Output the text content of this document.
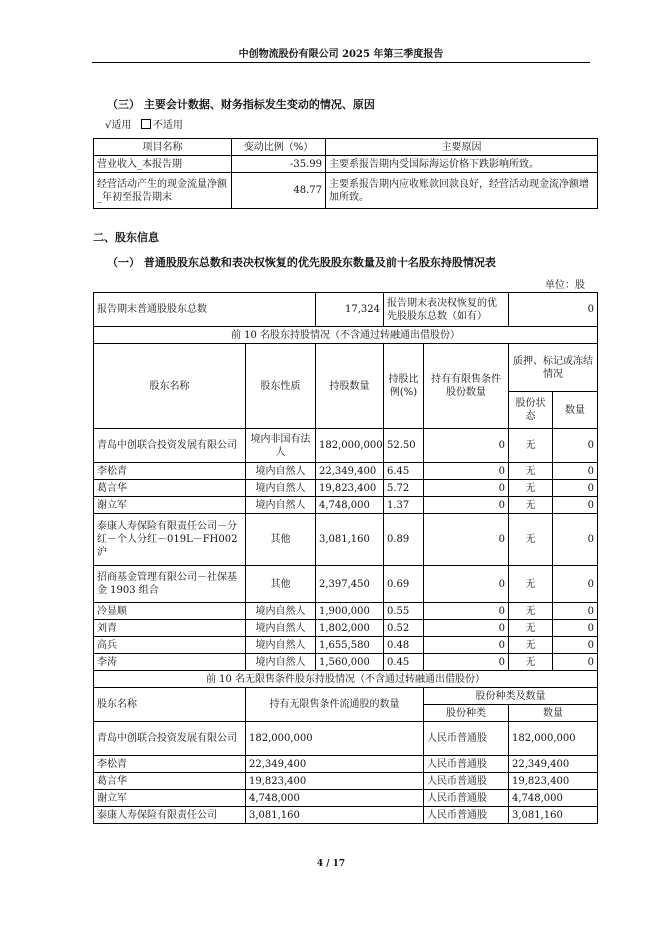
中创物流股份有限公司 2025 年第三季度报告
（三） 主要会计数据、财务指标发生变动的情况、原因
√适用 不适用
项目名称	变动比例（%）	主要原因
营业收入_本报告期	-35.99	主要系报告期内受国际海运价格下跌影响所致。
经营活动产生的现金流量净额_年初至报告期末	48.77	主要系报告期内应收账款回款良好，经营活动现金流净额增加所致。
二、股东信息
（一） 普通股股东总数和表决权恢复的优先股股东数量及前十名股东持股情况表
单位：股
报告期末普通股股东总数		17,324	报告期末表决权恢复的优先股股东总数（如有）		0	
前 10 名股东持股情况（不含通过转融通出借股份）						
股东名称	股东性质	持股数量	持股比例(%)	持有有限售条件股份数量	质押、标记或冻结情况	
					股份状态	数量
青岛中创联合投资发展有限公司	境内非国有法人	182,000,000	52.50	0	无	0
李松青	境内自然人	22,349,400	6.45	0	无	0
葛言华	境内自然人	19,823,400	5.72	0	无	0
谢立军	境内自然人	4,748,000	1.37	0	无	0
泰康人寿保险有限责任公司－分红－个人分红－019L－FH002 沪	其他	3,081,160	0.89	0	无	0
招商基金管理有限公司－社保基金 1903 组合	其他	2,397,450	0.69	0	无	0
冷显顺	境内自然人	1,900,000	0.55	0	无	0
刘青	境内自然人	1,802,000	0.52	0	无	0
高兵	境内自然人	1,655,580	0.48	0	无	0
李涛	境内自然人	1,560,000	0.45	0	无	0
前 10 名无限售条件股东持股情况（不含通过转融通出借股份）						
股东名称	持有无限售条件流通股的数量			股份种类及数量		
				股份种类	数量	
青岛中创联合投资发展有限公司	182,000,000			人民币普通股	182,000,000	
李松青	22,349,400			人民币普通股	22,349,400	
葛言华	19,823,400			人民币普通股	19,823,400	
谢立军	4,748,000			人民币普通股	4,748,000	
泰康人寿保险有限责任公司	3,081,160			人民币普通股	3,081,160	
4 / 17
